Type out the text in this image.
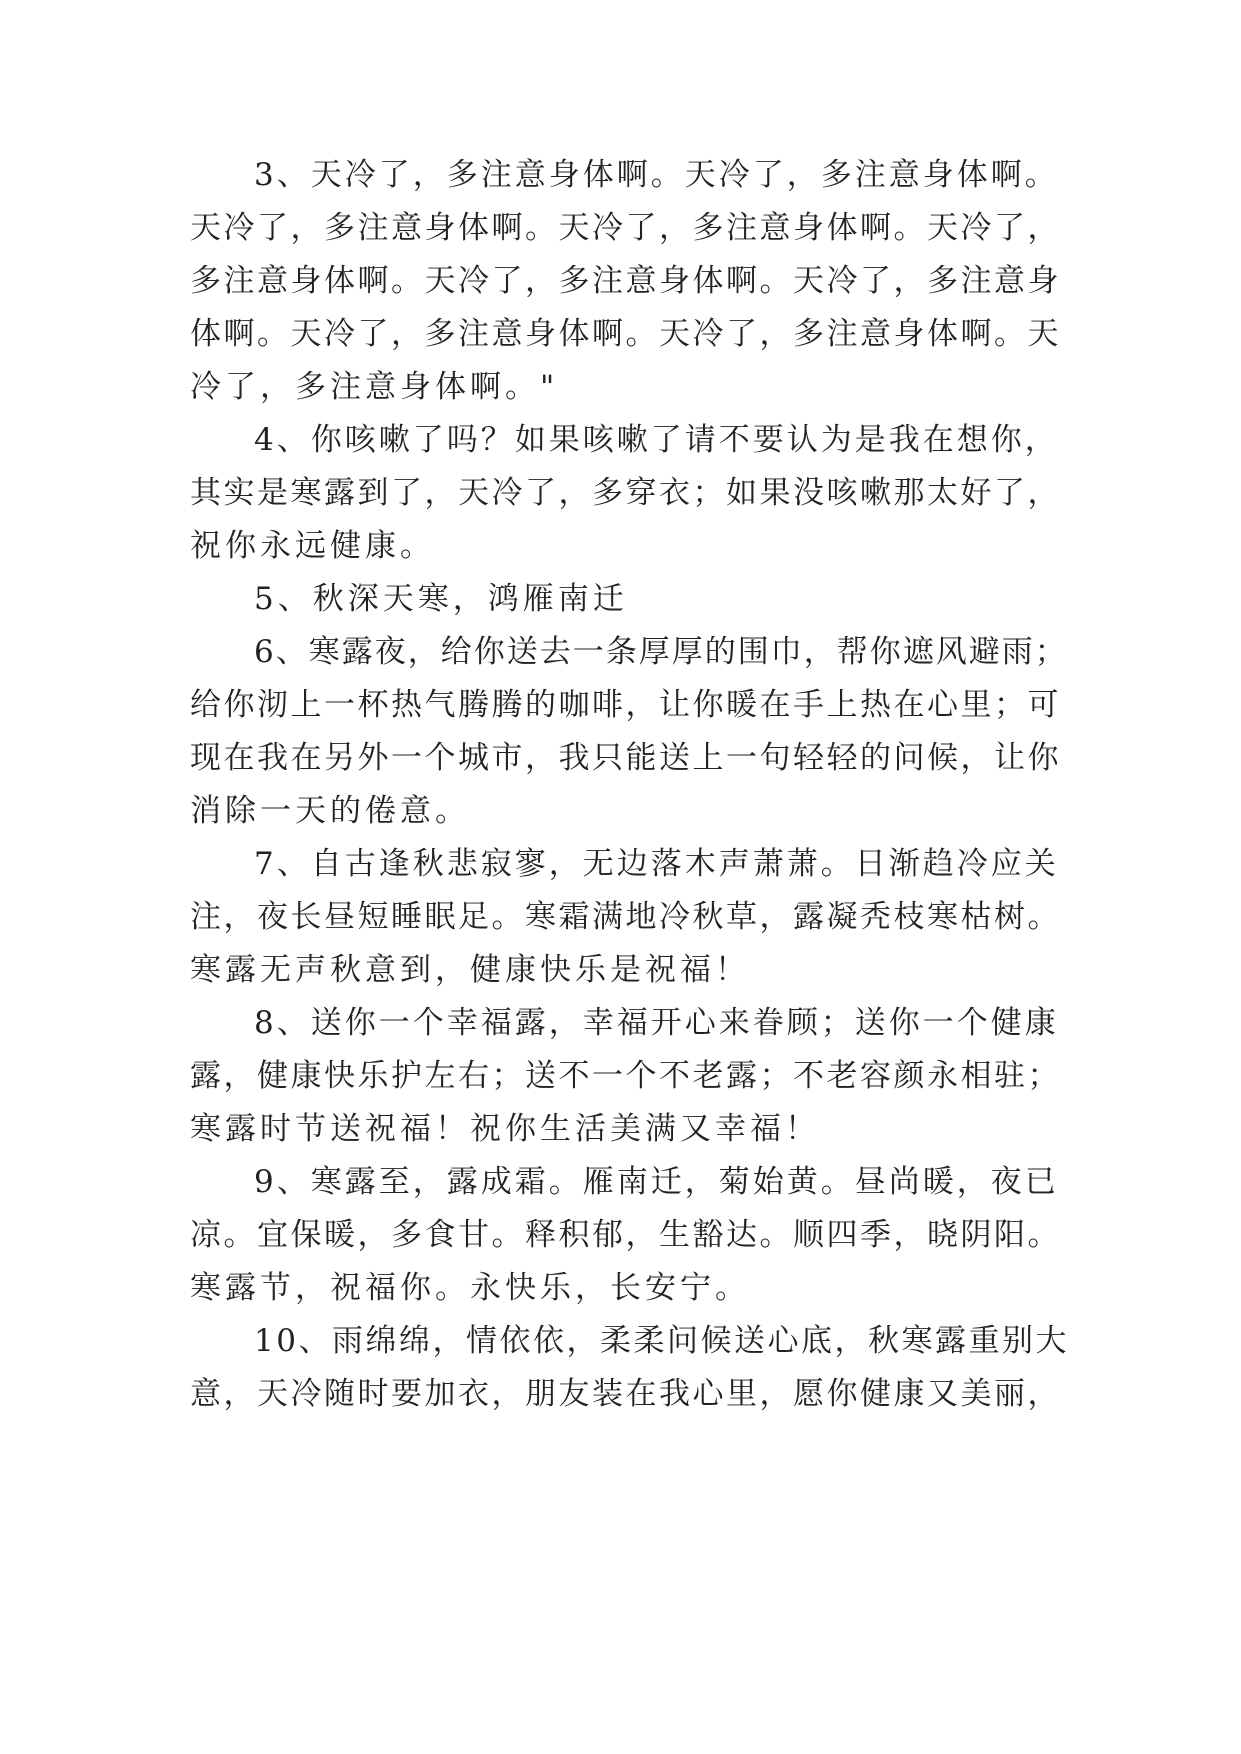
3、天冷了，多注意身体啊。天冷了，多注意身体啊。
天冷了，多注意身体啊。天冷了，多注意身体啊。天冷了，
多注意身体啊。天冷了，多注意身体啊。天冷了，多注意身
体啊。天冷了，多注意身体啊。天冷了，多注意身体啊。天
冷了，多注意身体啊。"
4、你咳嗽了吗？如果咳嗽了请不要认为是我在想你，
其实是寒露到了，天冷了，多穿衣；如果没咳嗽那太好了，
祝你永远健康。
5、秋深天寒，鸿雁南迁
6、寒露夜，给你送去一条厚厚的围巾，帮你遮风避雨；
给你沏上一杯热气腾腾的咖啡，让你暖在手上热在心里；可
现在我在另外一个城市，我只能送上一句轻轻的问候，让你
消除一天的倦意。
7、自古逢秋悲寂寥，无边落木声萧萧。日渐趋冷应关
注，夜长昼短睡眠足。寒霜满地冷秋草，露凝秃枝寒枯树。
寒露无声秋意到，健康快乐是祝福！
8、送你一个幸福露，幸福开心来眷顾；送你一个健康
露，健康快乐护左右；送不一个不老露；不老容颜永相驻；
寒露时节送祝福！祝你生活美满又幸福！
9、寒露至，露成霜。雁南迁，菊始黄。昼尚暖，夜已
凉。宜保暖，多食甘。释积郁，生豁达。顺四季，晓阴阳。
寒露节，祝福你。永快乐，长安宁。
10、雨绵绵，情依依，柔柔问候送心底，秋寒露重别大
意，天冷随时要加衣，朋友装在我心里，愿你健康又美丽，
